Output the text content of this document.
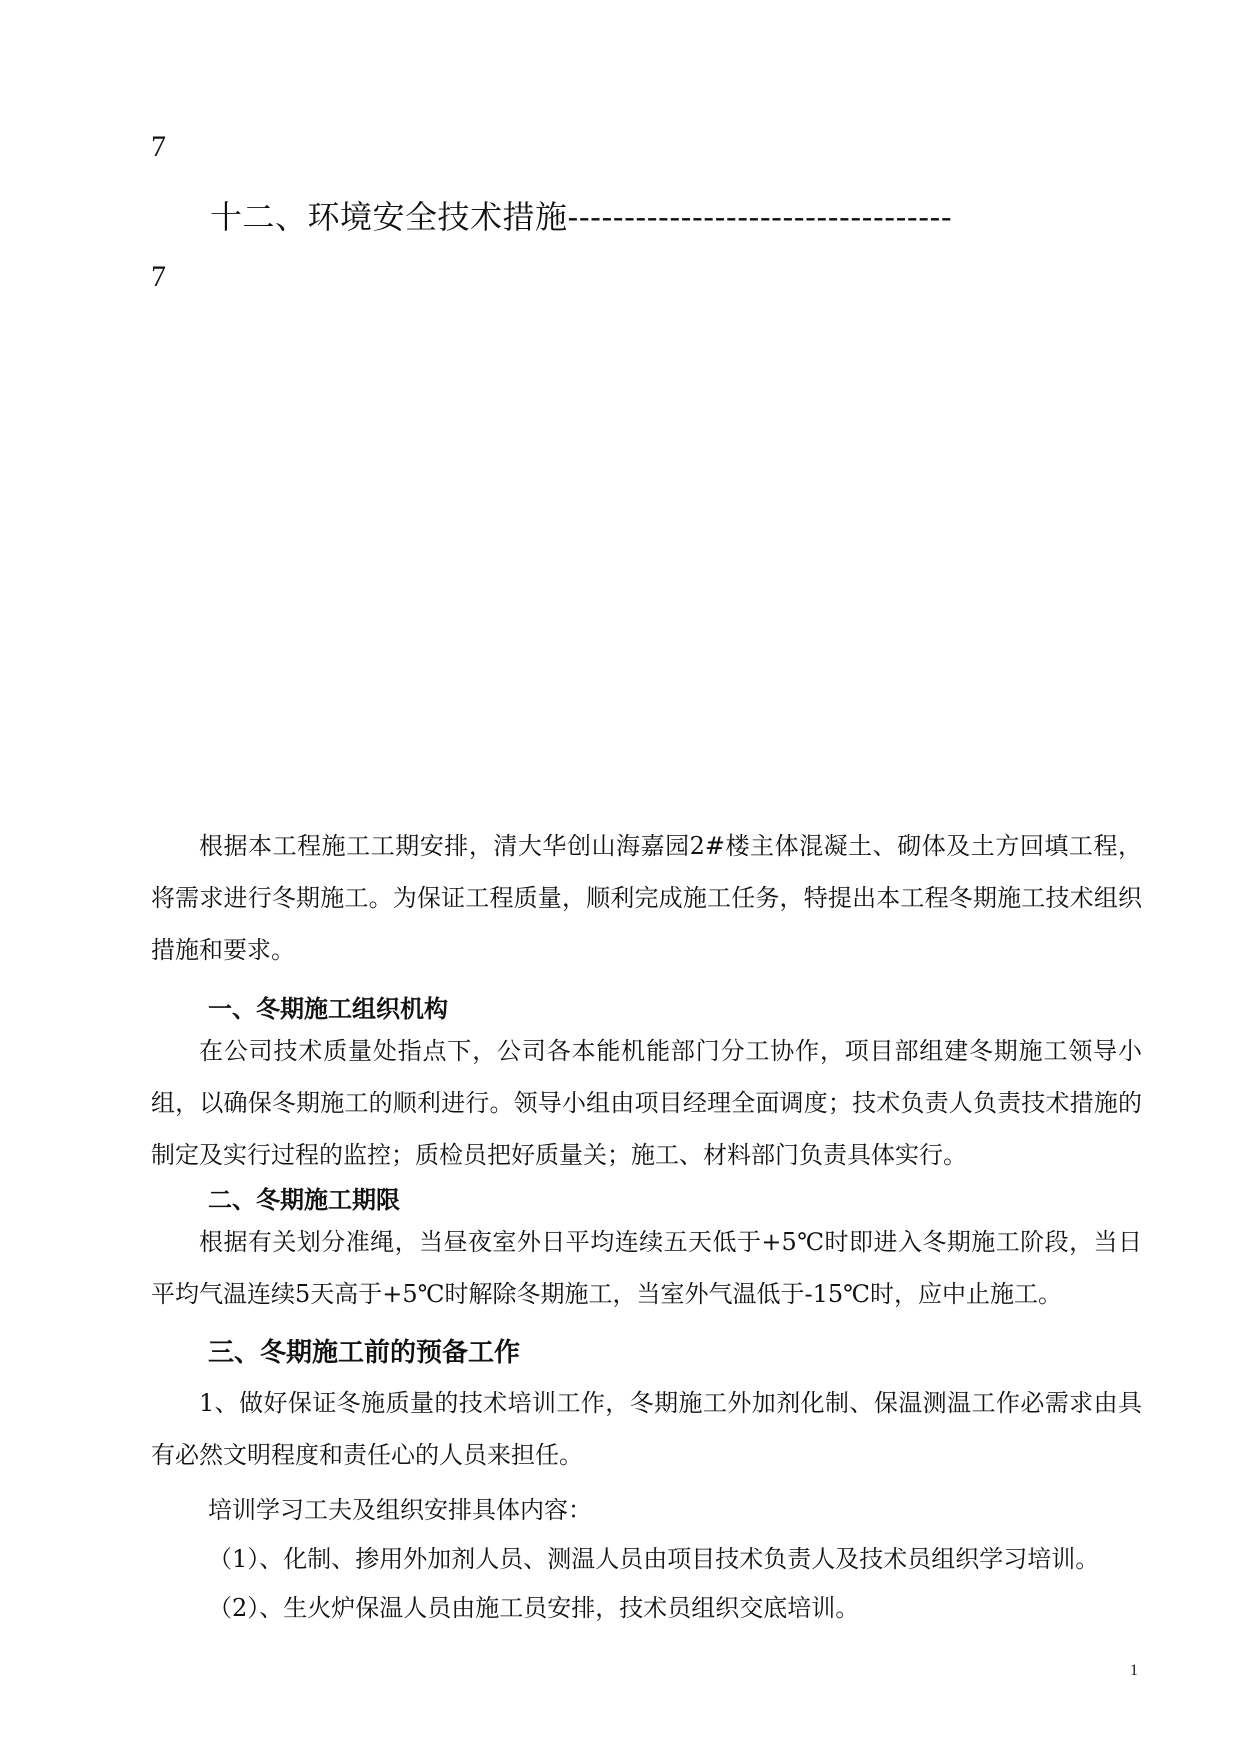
7
十二、环境安全技术措施----------------------------------
7
根据本工程施工工期安排，清大华创山海嘉园2#楼主体混凝土、砌体及土方回填工程，将需求进行冬期施工。为保证工程质量，顺利完成施工任务，特提出本工程冬期施工技术组织措施和要求。
一、冬期施工组织机构
在公司技术质量处指点下，公司各本能机能部门分工协作，项目部组建冬期施工领导小组，以确保冬期施工的顺利进行。领导小组由项目经理全面调度；技术负责人负责技术措施的制定及实行过程的监控；质检员把好质量关；施工、材料部门负责具体实行。
二、冬期施工期限
根据有关划分准绳，当昼夜室外日平均连续五天低于+5℃时即进入冬期施工阶段，当日平均气温连续5天高于+5℃时解除冬期施工，当室外气温低于-15℃时，应中止施工。
三、冬期施工前的预备工作
1、做好保证冬施质量的技术培训工作，冬期施工外加剂化制、保温测温工作必需求由具有必然文明程度和责任心的人员来担任。
培训学习工夫及组织安排具体内容：
（1）、化制、掺用外加剂人员、测温人员由项目技术负责人及技术员组织学习培训。
（2）、生火炉保温人员由施工员安排，技术员组织交底培训。
1
